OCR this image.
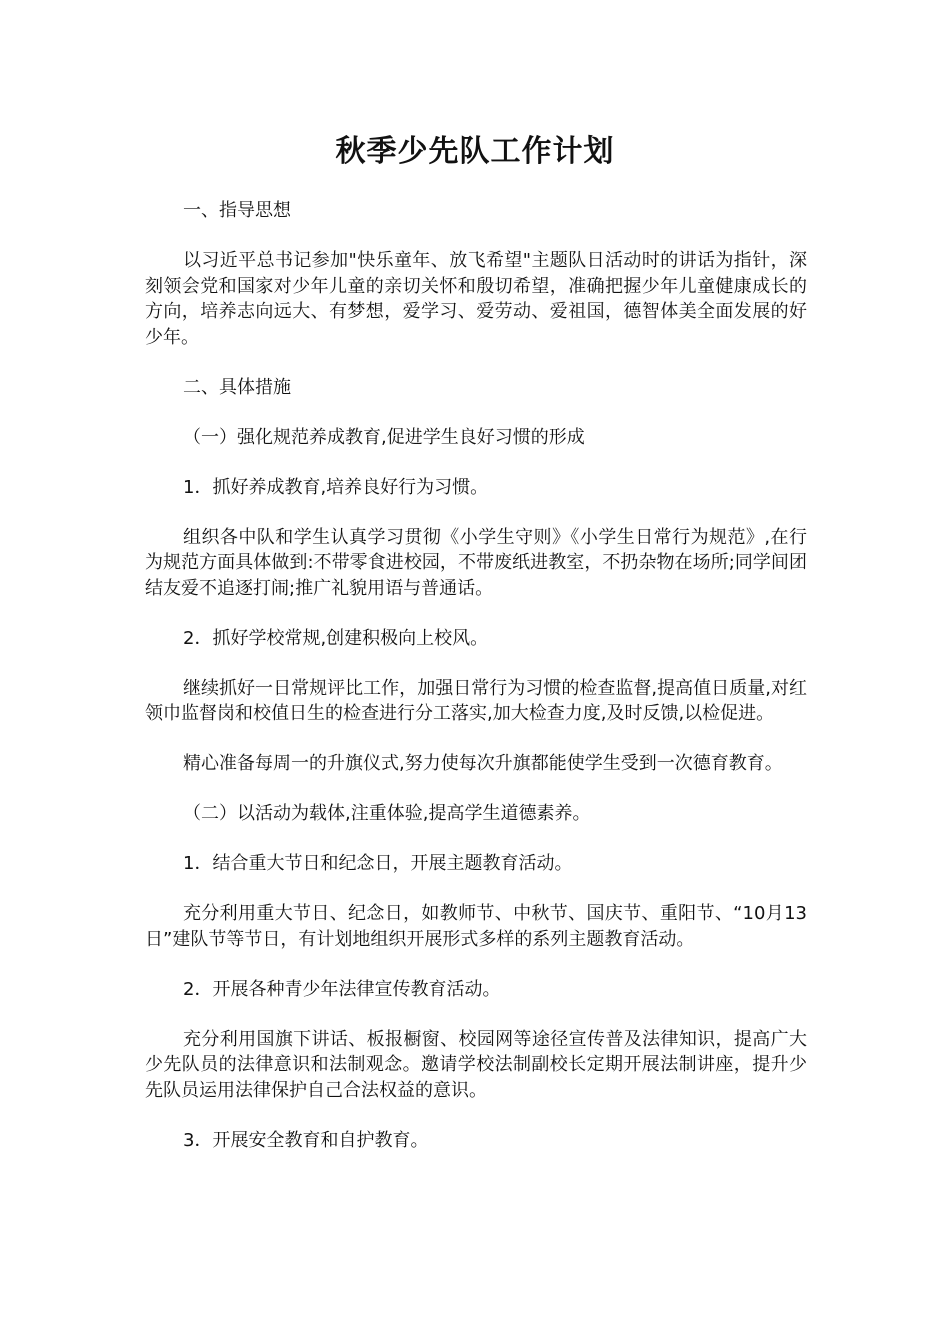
秋季少先队工作计划

一、指导思想

以习近平总书记参加"快乐童年、放飞希望"主题队日活动时的讲话为指针，深刻领会党和国家对少年儿童的亲切关怀和殷切希望，准确把握少年儿童健康成长的方向，培养志向远大、有梦想，爱学习、爱劳动、爱祖国，德智体美全面发展的好少年。

二、具体措施

（一）强化规范养成教育,促进学生良好习惯的形成

1．抓好养成教育,培养良好行为习惯。

组织各中队和学生认真学习贯彻《小学生守则》《小学生日常行为规范》,在行为规范方面具体做到:不带零食进校园，不带废纸进教室，不扔杂物在场所;同学间团结友爱不追逐打闹;推广礼貌用语与普通话。

2．抓好学校常规,创建积极向上校风。

继续抓好一日常规评比工作，加强日常行为习惯的检查监督,提高值日质量,对红领巾监督岗和校值日生的检查进行分工落实,加大检查力度,及时反馈,以检促进。

精心准备每周一的升旗仪式,努力使每次升旗都能使学生受到一次德育教育。

（二）以活动为载体,注重体验,提高学生道德素养。

1．结合重大节日和纪念日，开展主题教育活动。

充分利用重大节日、纪念日，如教师节、中秋节、国庆节、重阳节、“10月13日”建队节等节日，有计划地组织开展形式多样的系列主题教育活动。

2．开展各种青少年法律宣传教育活动。

充分利用国旗下讲话、板报橱窗、校园网等途径宣传普及法律知识，提高广大少先队员的法律意识和法制观念。邀请学校法制副校长定期开展法制讲座，提升少先队员运用法律保护自己合法权益的意识。

3．开展安全教育和自护教育。
